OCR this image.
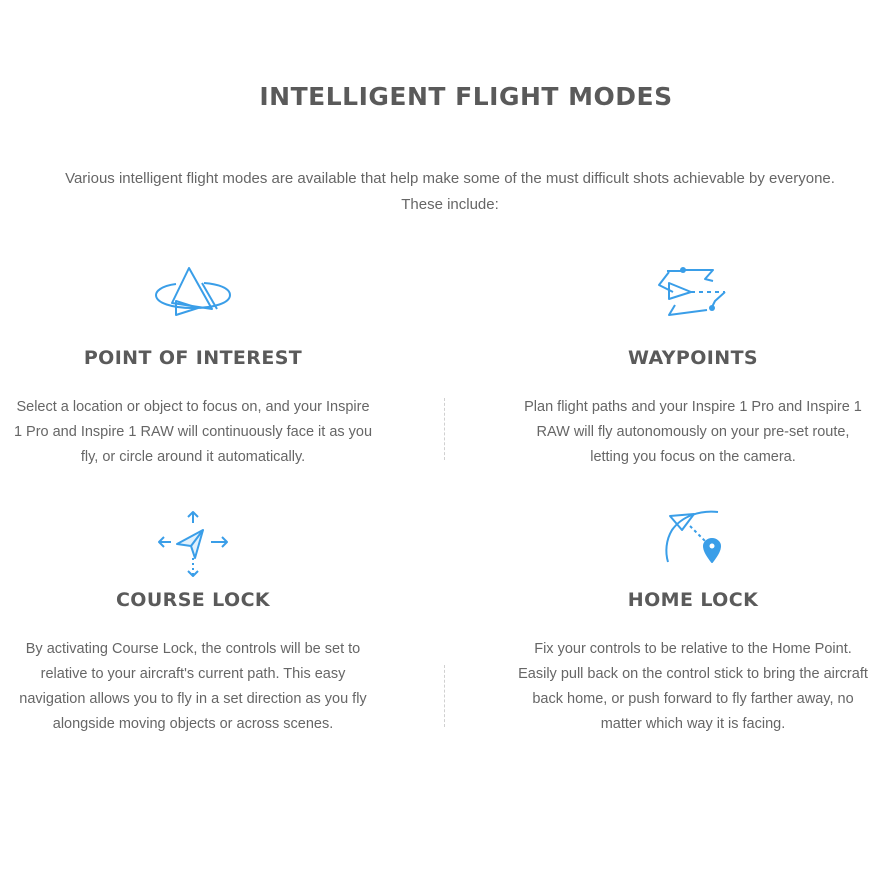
INTELLIGENT FLIGHT MODES
Various intelligent flight modes are available that help make some of the must difficult shots achievable by everyone.
These include:
POINT OF INTEREST

Select a location or object to focus on, and your Inspire
1 Pro and Inspire 1 RAW will continuously face it as you
fly, or circle around it automatically.

WAYPOINTS

Plan flight paths and your Inspire 1 Pro and Inspire 1
RAW will fly autonomously on your pre-set route,
letting you focus on the camera.

COURSE LOCK

By activating Course Lock, the controls will be set to
relative to your aircraft's current path. This easy
navigation allows you to fly in a set direction as you fly
alongside moving objects or across scenes.

HOME LOCK

Fix your controls to be relative to the Home Point.
Easily pull back on the control stick to bring the aircraft
back home, or push forward to fly farther away, no
matter which way it is facing.
